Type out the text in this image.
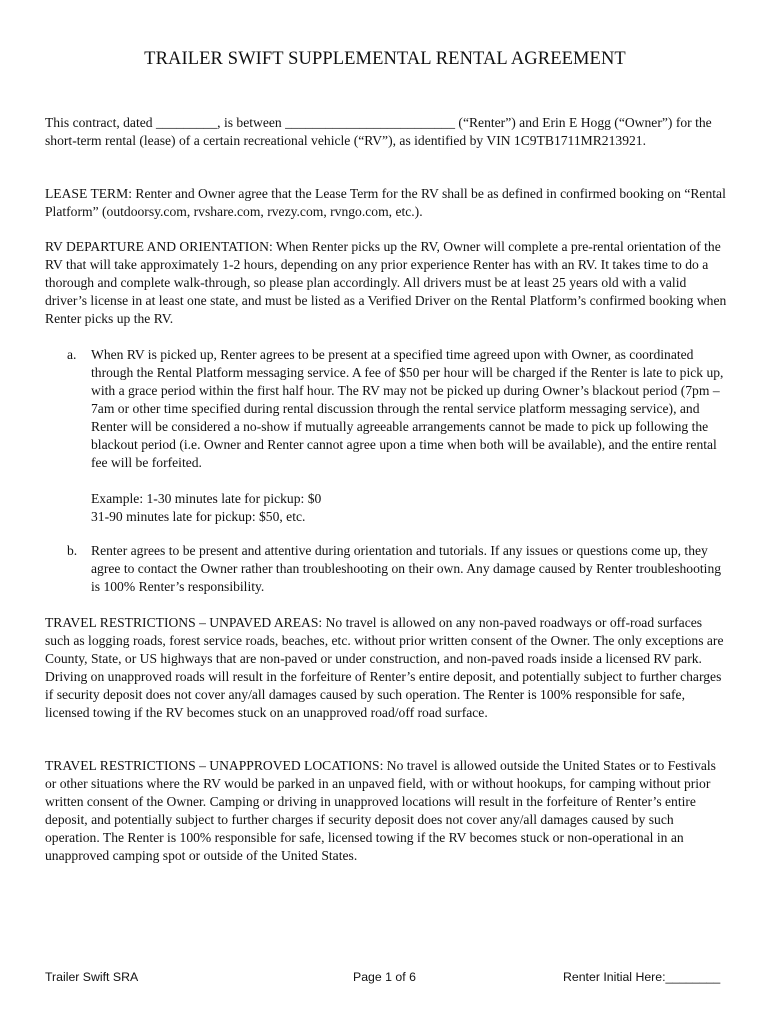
TRAILER SWIFT SUPPLEMENTAL RENTAL AGREEMENT

This contract, dated _________, is between _________________________ (“Renter”) and Erin E Hogg (“Owner”) for the short-term rental (lease) of a certain recreational vehicle (“RV”), as identified by VIN 1C9TB1711MR213921.

LEASE TERM: Renter and Owner agree that the Lease Term for the RV shall be as defined in confirmed booking on “Rental Platform” (outdoorsy.com, rvshare.com, rvezy.com, rvngo.com, etc.).

RV DEPARTURE AND ORIENTATION: When Renter picks up the RV, Owner will complete a pre-rental orientation of the RV that will take approximately 1-2 hours, depending on any prior experience Renter has with an RV. It takes time to do a thorough and complete walk-through, so please plan accordingly. All drivers must be at least 25 years old with a valid driver’s license in at least one state, and must be listed as a Verified Driver on the Rental Platform’s confirmed booking when Renter picks up the RV.

a. When RV is picked up, Renter agrees to be present at a specified time agreed upon with Owner, as coordinated through the Rental Platform messaging service. A fee of $50 per hour will be charged if the Renter is late to pick up, with a grace period within the first half hour. The RV may not be picked up during Owner’s blackout period (7pm – 7am or other time specified during rental discussion through the rental service platform messaging service), and Renter will be considered a no-show if mutually agreeable arrangements cannot be made to pick up following the blackout period (i.e. Owner and Renter cannot agree upon a time when both will be available), and the entire rental fee will be forfeited.
Example: 1-30 minutes late for pickup: $0
31-90 minutes late for pickup: $50, etc.
b. Renter agrees to be present and attentive during orientation and tutorials. If any issues or questions come up, they agree to contact the Owner rather than troubleshooting on their own. Any damage caused by Renter troubleshooting is 100% Renter’s responsibility.

TRAVEL RESTRICTIONS – UNPAVED AREAS: No travel is allowed on any non-paved roadways or off-road surfaces such as logging roads, forest service roads, beaches, etc. without prior written consent of the Owner. The only exceptions are County, State, or US highways that are non-paved or under construction, and non-paved roads inside a licensed RV park. Driving on unapproved roads will result in the forfeiture of Renter’s entire deposit, and potentially subject to further charges if security deposit does not cover any/all damages caused by such operation. The Renter is 100% responsible for safe, licensed towing if the RV becomes stuck on an unapproved road/off road surface.

TRAVEL RESTRICTIONS – UNAPPROVED LOCATIONS: No travel is allowed outside the United States or to Festivals or other situations where the RV would be parked in an unpaved field, with or without hookups, for camping without prior written consent of the Owner. Camping or driving in unapproved locations will result in the forfeiture of Renter’s entire deposit, and potentially subject to further charges if security deposit does not cover any/all damages caused by such operation. The Renter is 100% responsible for safe, licensed towing if the RV becomes stuck or non-operational in an unapproved camping spot or outside of the United States.

Trailer Swift SRA	Page 1 of 6	Renter Initial Here:________
